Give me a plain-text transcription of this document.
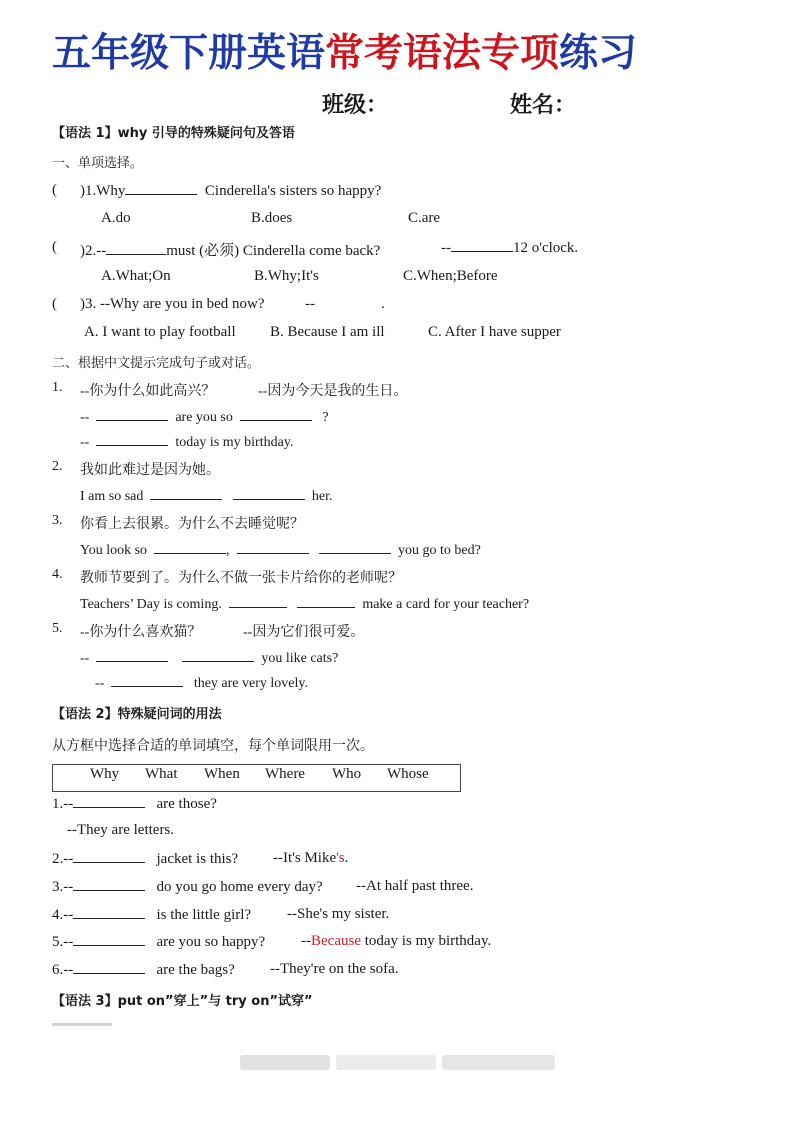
五年级下册英语常考语法专项练习
班级：	姓名：
【语法 1】why 引导的特殊疑问句及答语
一、单项选择。
( )1.Why	Cinderella's sisters so happy?
A.do	B.does	C.are
( )2.--	must (必须) Cinderella come back?	--	12 o'clock.
A.What;On	B.Why;It's	C.When;Before
( )3. --Why are you in bed now?	--	.
A. I want to play football B. Because I am ill	C. After I have supper
二、根据中文提示完成句子或对话。
1. --你为什么如此高兴？	--因为今天是我的生日。
--	are you so	?
--	today is my birthday.
2. 我如此难过是因为她。
I am so sad	her.
3. 你看上去很累。为什么不去睡觉呢？
You look so	,	you go to bed?
4. 教师节要到了。为什么不做一张卡片给你的老师呢？
Teachers’ Day is coming.	make a card for your teacher?
5. --你为什么喜欢猫？	--因为它们很可爱。
--	you like cats?
--	they are very lovely.
【语法 2】特殊疑问词的用法
从方框中选择合适的单词填空，每个单词限用一次。
Why What When Where Who Whose
1.--	are those?
--They are letters.
2.--	jacket is this? --It's Mike's.
3.--	do you go home every day? --At half past three.
4.--	is the little girl? --She's my sister.
5.--	are you so happy? --Because today is my birthday.
6.--	are the bags? --They're on the sofa.
【语法 3】put on”穿上”与 try on”试穿”
